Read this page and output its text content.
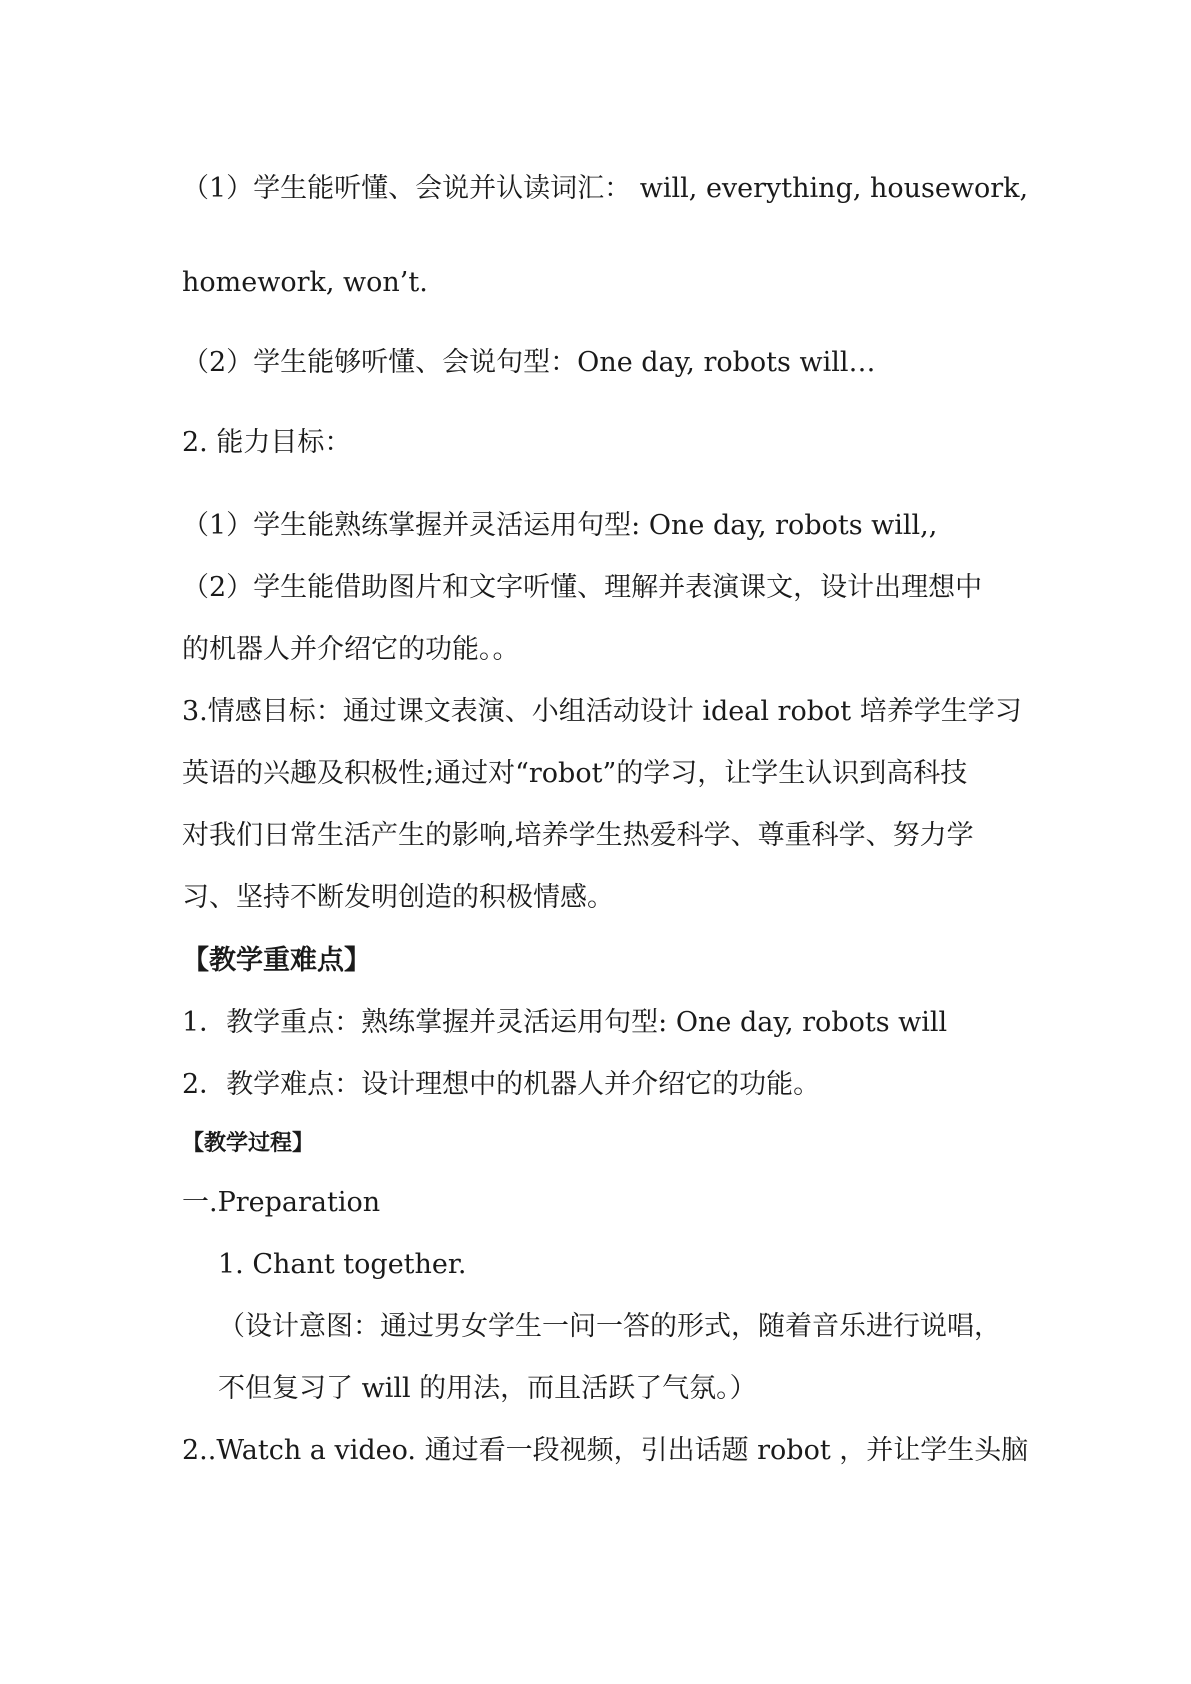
（1）学生能听懂、会说并认读词汇： will, everything, housework,
homework, won’t.
（2）学生能够听懂、会说句型：One day, robots will…
2. 能力目标：
（1）学生能熟练掌握并灵活运用句型: One day, robots will,,
（2）学生能借助图片和文字听懂、理解并表演课文，设计出理想中
的机器人并介绍它的功能。。
3.情感目标：通过课文表演、小组活动设计 ideal robot 培养学生学习
英语的兴趣及积极性;通过对“robot”的学习，让学生认识到高科技
对我们日常生活产生的影响,培养学生热爱科学、尊重科学、努力学
习、坚持不断发明创造的积极情感。
【教学重难点】
1．教学重点：熟练掌握并灵活运用句型: One day, robots will
2．教学难点：设计理想中的机器人并介绍它的功能。
【教学过程】
一.Preparation
1. Chant together.
（设计意图：通过男女学生一问一答的形式，随着音乐进行说唱，
不但复习了 will 的用法，而且活跃了气氛。）
2..Watch a video. 通过看一段视频，引出话题 robot ，并让学生头脑
